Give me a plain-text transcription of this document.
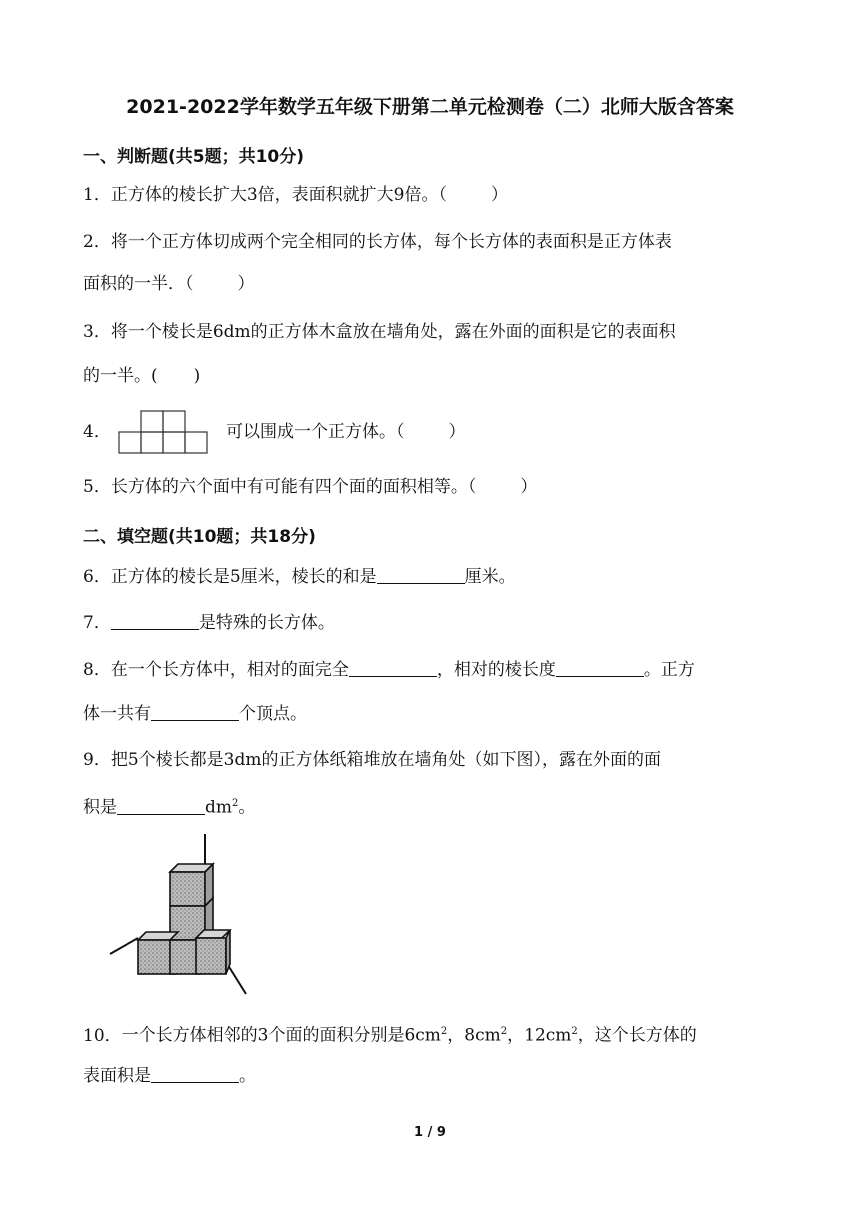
2021-2022学年数学五年级下册第二单元检测卷（二）北师大版含答案
一、判断题(共5题；共10分)
1．正方体的棱长扩大3倍，表面积就扩大9倍。（	）
2．将一个正方体切成两个完全相同的长方体，每个长方体的表面积是正方体表
面积的一半．（	）
3．将一个棱长是6dm的正方体木盒放在墙角处，露在外面的面积是它的表面积
的一半。( )
4．	可以围成一个正方体。（	）
5．长方体的六个面中有可能有四个面的面积相等。（	）
二、填空题(共10题；共18分)
6．正方体的棱长是5厘米，棱长的和是	厘米。
7．	是特殊的长方体。
8．在一个长方体中，相对的面完全	，相对的棱长度	。正方
体一共有	个顶点。
9．把5个棱长都是3dm的正方体纸箱堆放在墙角处（如下图），露在外面的面
积是	$dm^2$。
10．一个长方体相邻的3个面的面积分别是$6cm^2$，$8cm^2$，$12cm^2$，这个长方体的
表面积是	。
1 / 9
